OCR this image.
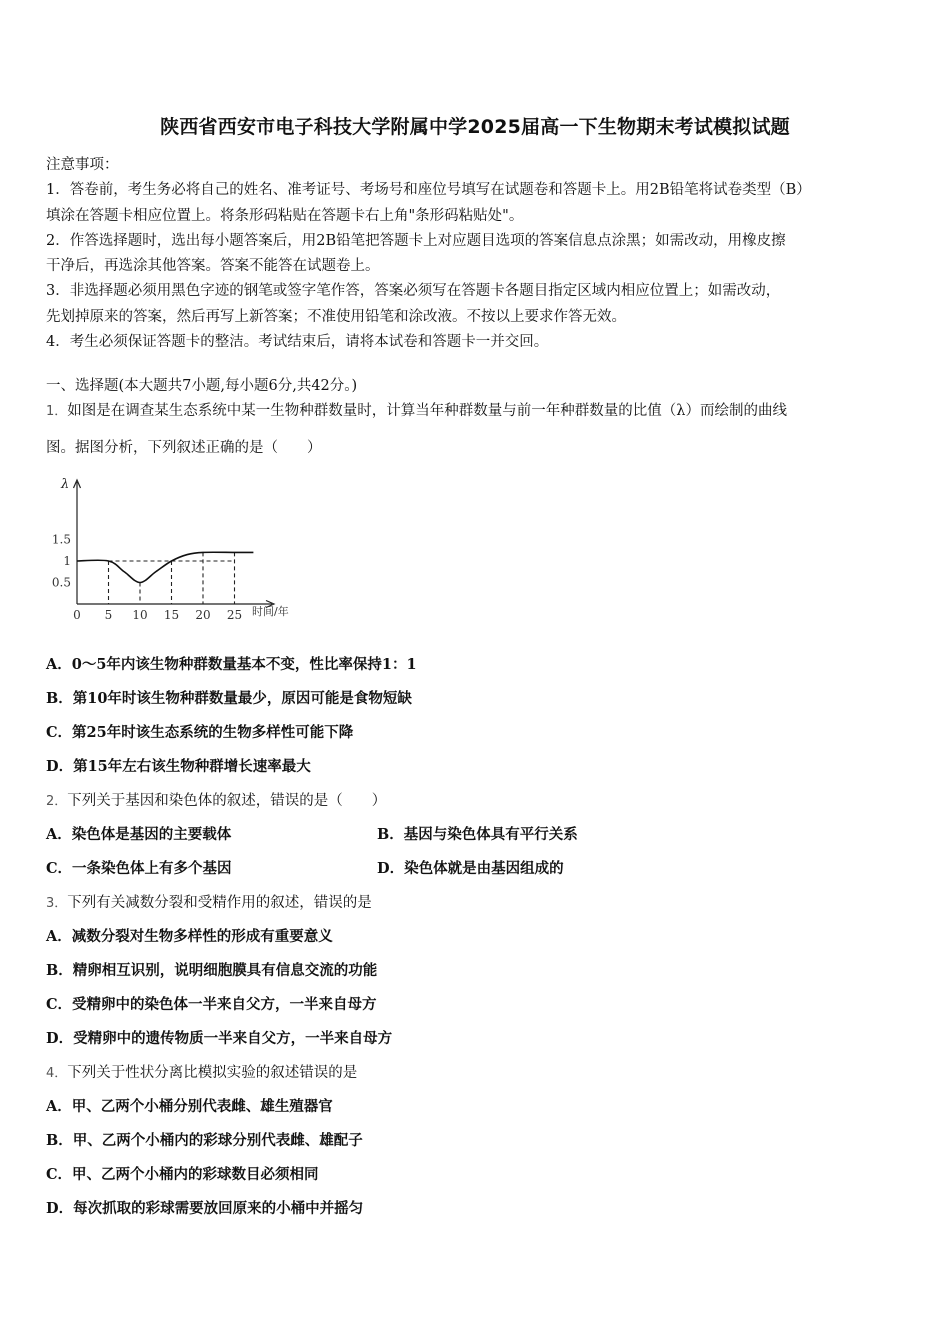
陕西省西安市电子科技大学附属中学2025届高一下生物期末考试模拟试题

注意事项：

1．答卷前，考生务必将自己的姓名、准考证号、考场号和座位号填写在试题卷和答题卡上。用2B铅笔将试卷类型（B）

填涂在答题卡相应位置上。将条形码粘贴在答题卡右上角"条形码粘贴处"。

2．作答选择题时，选出每小题答案后，用2B铅笔把答题卡上对应题目选项的答案信息点涂黑；如需改动，用橡皮擦

干净后，再选涂其他答案。答案不能答在试题卷上。

3．非选择题必须用黑色字迹的钢笔或签字笔作答，答案必须写在答题卡各题目指定区域内相应位置上；如需改动，

先划掉原来的答案，然后再写上新答案；不准使用铅笔和涂改液。不按以上要求作答无效。

4．考生必须保证答题卡的整洁。考试结束后，请将本试卷和答题卡一并交回。

一、选择题(本大题共7小题,每小题6分,共42分。)
1．如图是在调查某生态系统中某一生物种群数量时，计算当年种群数量与前一年种群数量的比值（λ）而绘制的曲线
图。据图分析，下列叙述正确的是（　　）
λ
时间/年
0 5 10 15 20 25
0.5
1
1.5
A．0～5年内该生物种群数量基本不变，性比率保持1：1
B．第10年时该生物种群数量最少，原因可能是食物短缺
C．第25年时该生态系统的生物多样性可能下降
D．第15年左右该生物种群增长速率最大
2．下列关于基因和染色体的叙述，错误的是（　　）
A．染色体是基因的主要载体	B．基因与染色体具有平行关系
C．一条染色体上有多个基因	D．染色体就是由基因组成的
3．下列有关减数分裂和受精作用的叙述，错误的是
A．减数分裂对生物多样性的形成有重要意义
B．精卵相互识别，说明细胞膜具有信息交流的功能
C．受精卵中的染色体一半来自父方，一半来自母方
D．受精卵中的遗传物质一半来自父方，一半来自母方
4．下列关于性状分离比模拟实验的叙述错误的是
A．甲、乙两个小桶分别代表雌、雄生殖器官
B．甲、乙两个小桶内的彩球分别代表雌、雄配子
C．甲、乙两个小桶内的彩球数目必须相同
D．每次抓取的彩球需要放回原来的小桶中并摇匀
